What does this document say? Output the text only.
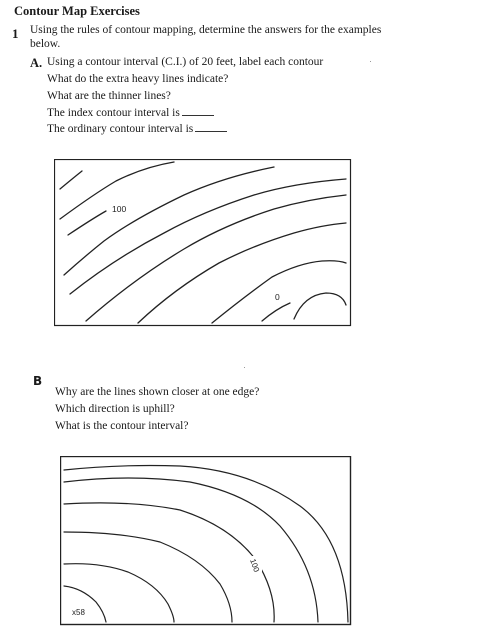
Contour Map Exercises
1 Using the rules of contour mapping, determine the answers for the examples
below.
A. Using a contour interval (C.I.) of 20 feet, label each contour
What do the extra heavy lines indicate?
What are the thinner lines?
The index contour interval is
The ordinary contour interval is
100
0
B
Why are the lines shown closer at one edge?
Which direction is uphill?
What is the contour interval?
100
x58
